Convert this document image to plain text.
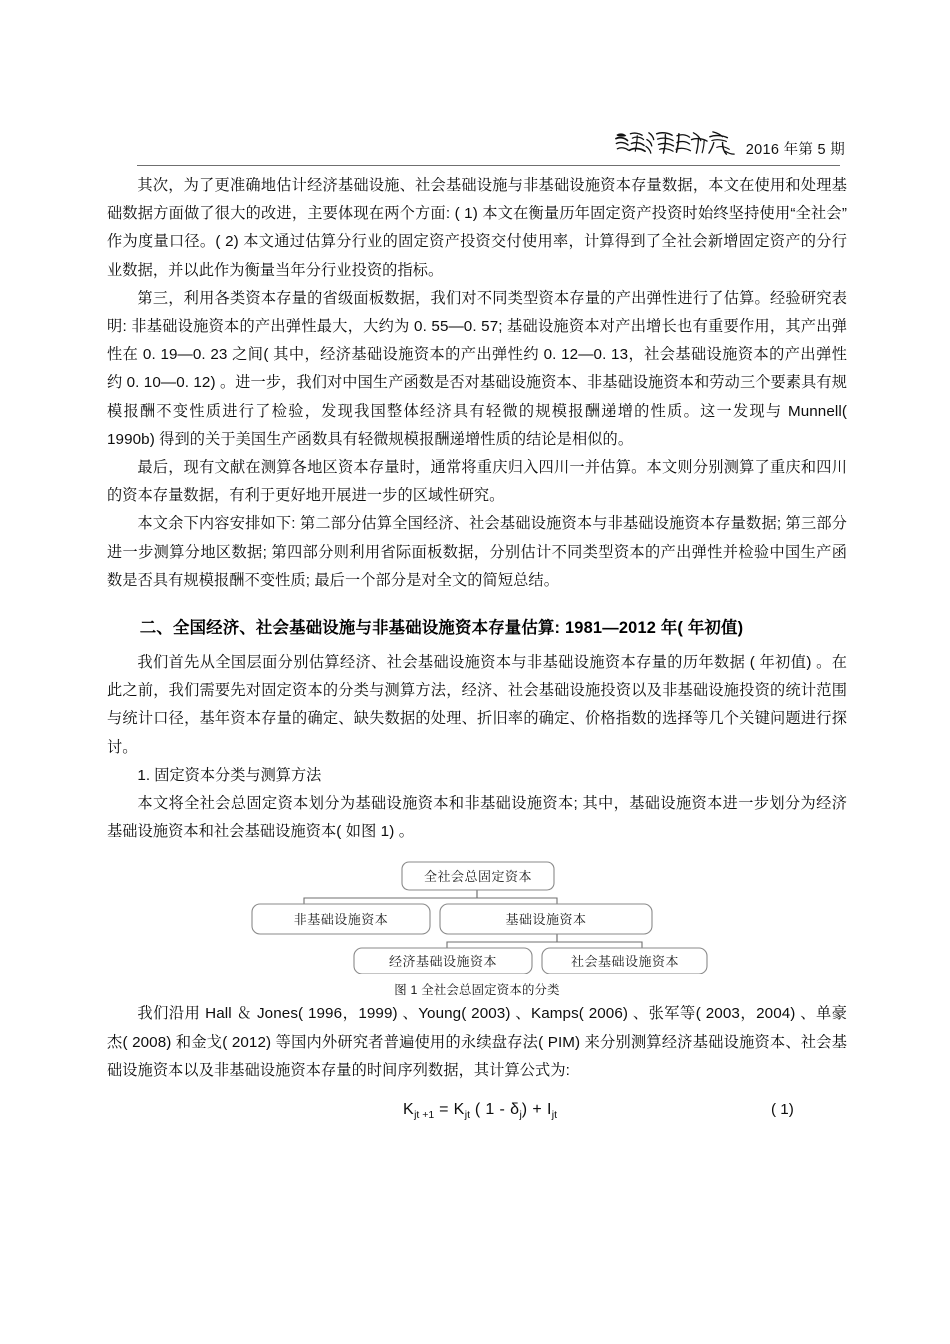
2016 年第 5 期

其次，为了更准确地估计经济基础设施、社会基础设施与非基础设施资本存量数据，本文在使用和处理基础数据方面做了很大的改进，主要体现在两个方面: ( 1) 本文在衡量历年固定资产投资时始终坚持使用“全社会”作为度量口径。( 2) 本文通过估算分行业的固定资产投资交付使用率，计算得到了全社会新增固定资产的分行业数据，并以此作为衡量当年分行业投资的指标。

第三，利用各类资本存量的省级面板数据，我们对不同类型资本存量的产出弹性进行了估算。经验研究表明: 非基础设施资本的产出弹性最大，大约为 0. 55—0. 57; 基础设施资本对产出增长也有重要作用，其产出弹性在 0. 19—0. 23 之间( 其中，经济基础设施资本的产出弹性约 0. 12—0. 13，社会基础设施资本的产出弹性约 0. 10—0. 12) 。进一步，我们对中国生产函数是否对基础设施资本、非基础设施资本和劳动三个要素具有规模报酬不变性质进行了检验，发现我国整体经济具有轻微的规模报酬递增的性质。这一发现与 Munnell( 1990b) 得到的关于美国生产函数具有轻微规模报酬递增性质的结论是相似的。

最后，现有文献在测算各地区资本存量时，通常将重庆归入四川一并估算。本文则分别测算了重庆和四川的资本存量数据，有利于更好地开展进一步的区域性研究。

本文余下内容安排如下: 第二部分估算全国经济、社会基础设施资本与非基础设施资本存量数据; 第三部分进一步测算分地区数据; 第四部分则利用省际面板数据，分别估计不同类型资本的产出弹性并检验中国生产函数是否具有规模报酬不变性质; 最后一个部分是对全文的简短总结。

二、全国经济、社会基础设施与非基础设施资本存量估算: 1981—2012 年( 年初值)

我们首先从全国层面分别估算经济、社会基础设施资本与非基础设施资本存量的历年数据 ( 年初值) 。在此之前，我们需要先对固定资本的分类与测算方法，经济、社会基础设施投资以及非基础设施投资的统计范围与统计口径，基年资本存量的确定、缺失数据的处理、折旧率的确定、价格指数的选择等几个关键问题进行探讨。

1. 固定资本分类与测算方法

本文将全社会总固定资本划分为基础设施资本和非基础设施资本; 其中，基础设施资本进一步划分为经济基础设施资本和社会基础设施资本( 如图 1) 。

全社会总固定资本
非基础设施资本	基础设施资本
经济基础设施资本	社会基础设施资本

图 1 全社会总固定资本的分类

我们沿用 Hall ＆ Jones( 1996，1999) 、Young( 2003) 、Kamps( 2006) 、张军等( 2003，2004) 、单豪杰( 2008) 和金戈( 2012) 等国内外研究者普遍使用的永续盘存法( PIM) 来分别测算经济基础设施资本、社会基础设施资本以及非基础设施资本存量的时间序列数据，其计算公式为:

$K_{jt +1} = K_{jt}$ ( $1 - \delta_j) + I_{jt}$	( 1)
